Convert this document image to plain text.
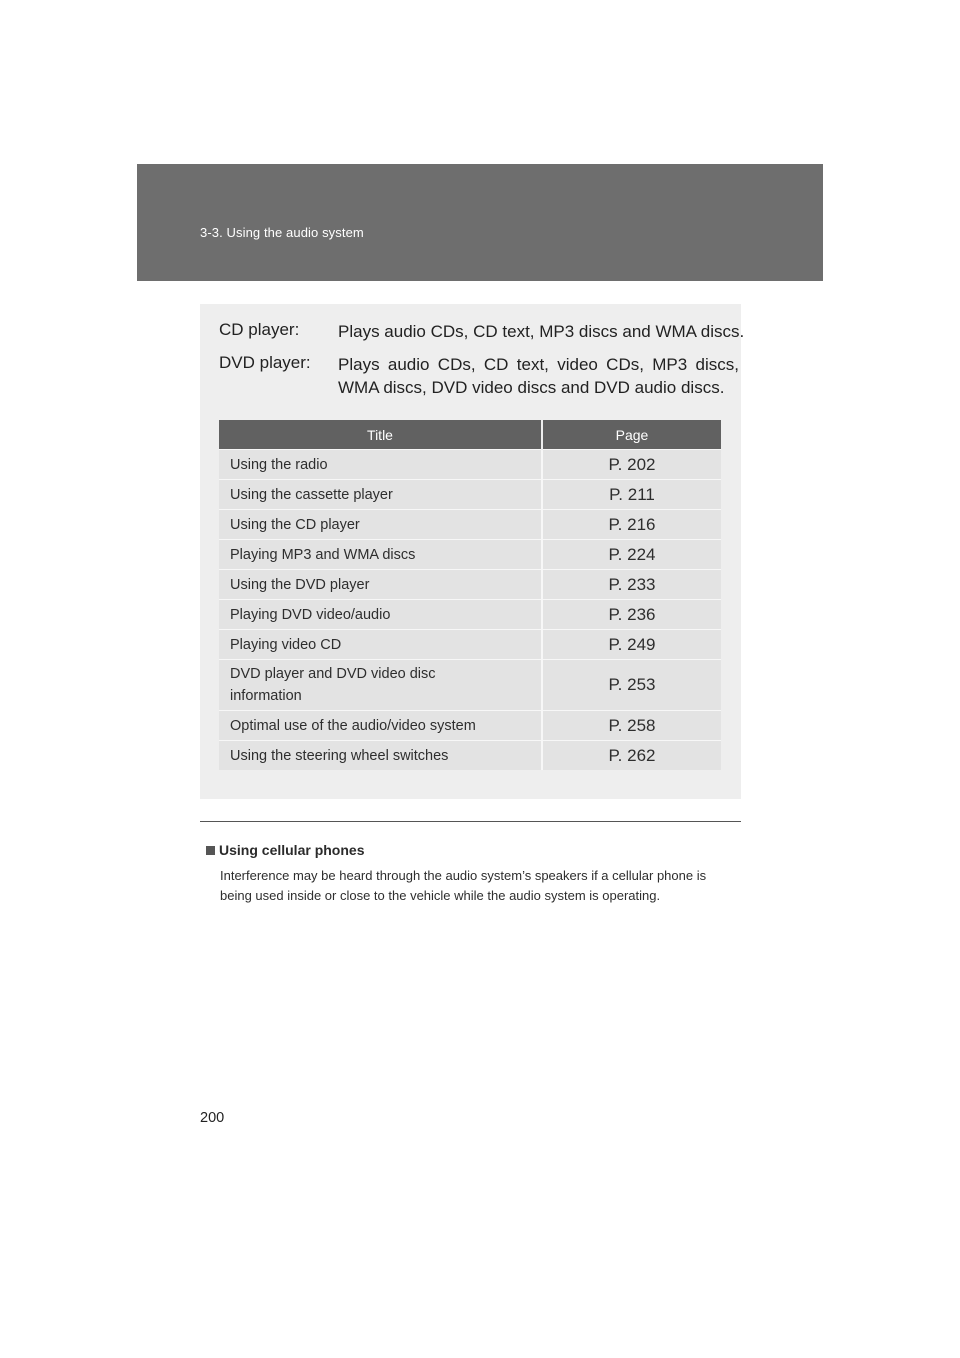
3-3. Using the audio system
CD player: Plays audio CDs, CD text, MP3 discs and WMA discs.
DVD player: Plays audio CDs, CD text, video CDs, MP3 discs, WMA discs, DVD video discs and DVD audio discs.
Title	Page
Using the radio	P. 202
Using the cassette player	P. 211
Using the CD player	P. 216
Playing MP3 and WMA discs	P. 224
Using the DVD player	P. 233
Playing DVD video/audio	P. 236
Playing video CD	P. 249
DVD player and DVD video disc information	P. 253
Optimal use of the audio/video system	P. 258
Using the steering wheel switches	P. 262
Using cellular phones
Interference may be heard through the audio system’s speakers if a cellular phone is being used inside or close to the vehicle while the audio system is operating.
200
